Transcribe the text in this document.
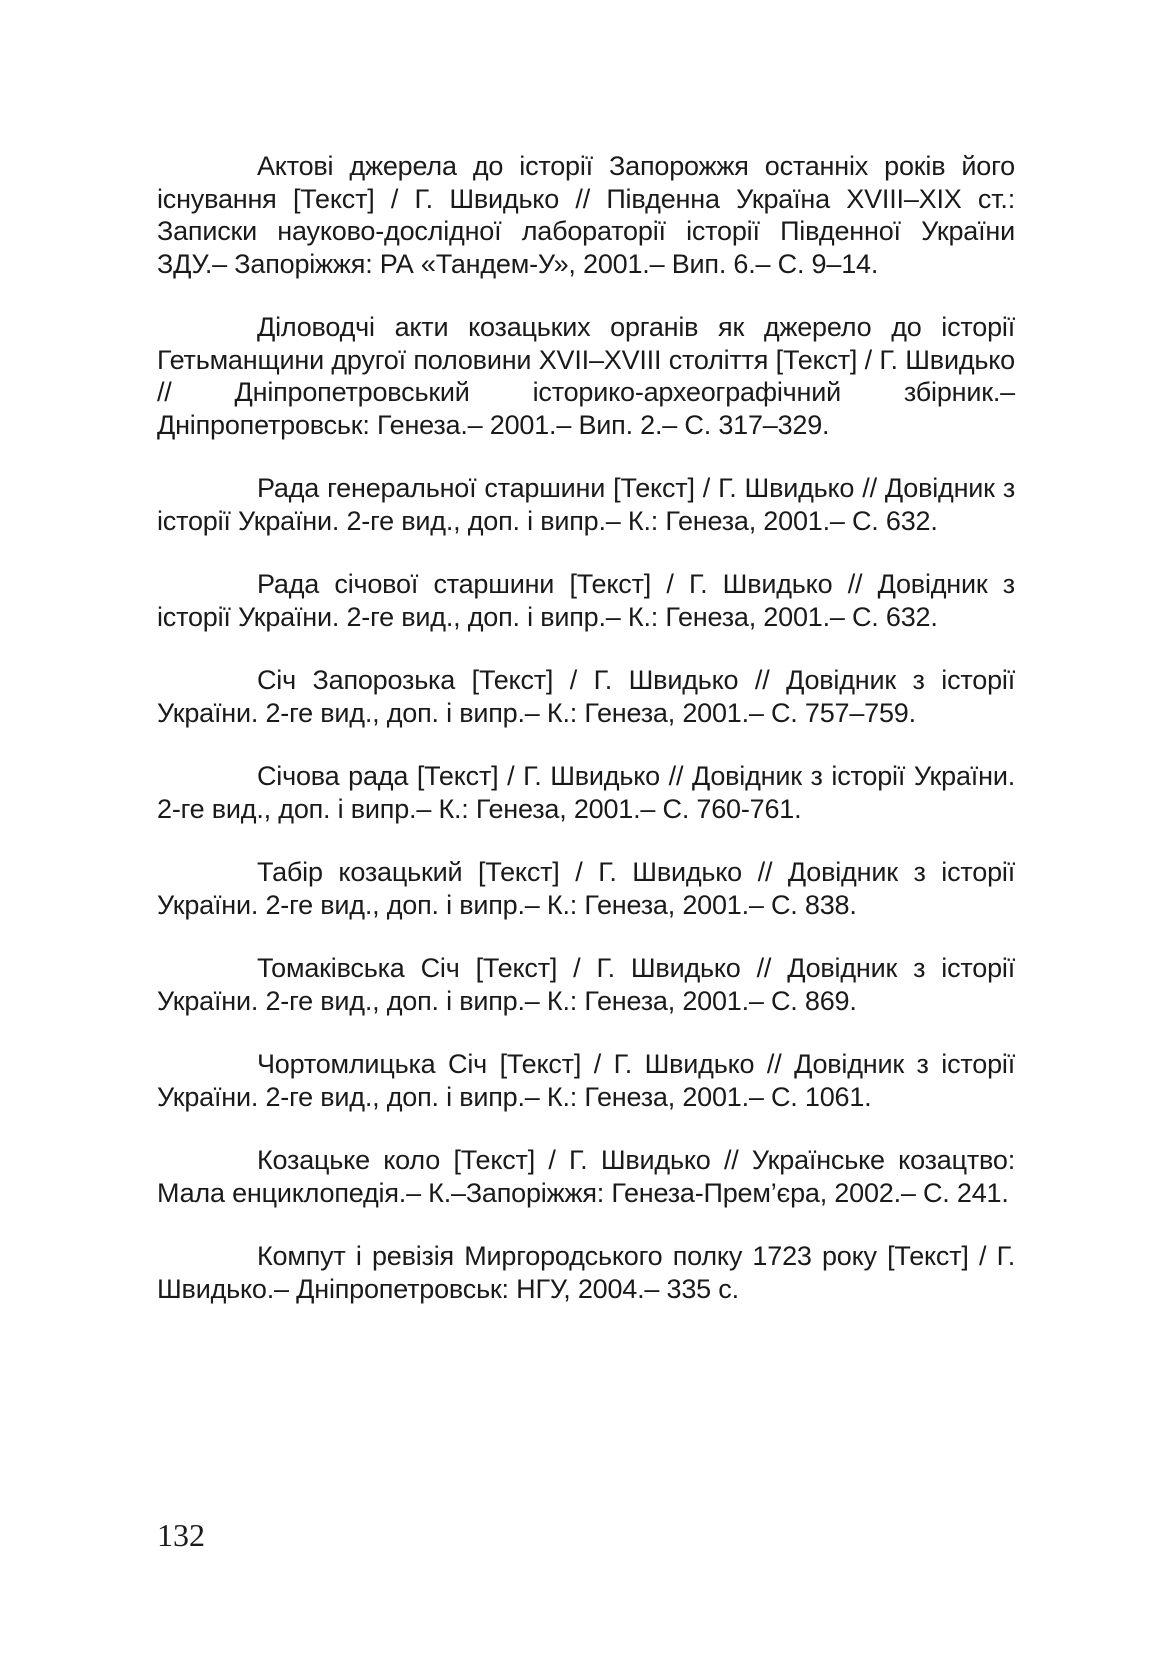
Актові джерела до історії Запорожжя останніх років його існування [Текст] / Г. Швидько // Південна Україна XVIII–XIX ст.: Записки науково-дослідної лабораторії історії Південної України ЗДУ.– Запоріжжя: РА «Тандем-У», 2001.– Вип. 6.– С. 9–14.

Діловодчі акти козацьких органів як джерело до історії Гетьманщини другої половини XVII–XVIII століття [Текст] / Г. Швидько // Дніпропетровський історико-археографічний збірник.– Дніпропетровськ: Генеза.– 2001.– Вип. 2.– С. 317–329.

Рада генеральної старшини [Текст] / Г. Швидько // Довідник з історії України. 2-ге вид., доп. і випр.– К.: Генеза, 2001.– С. 632.

Рада січової старшини [Текст] / Г. Швидько // Довідник з історії України. 2-ге вид., доп. і випр.– К.: Генеза, 2001.– С. 632.

Січ Запорозька [Текст] / Г. Швидько // Довідник з історії України. 2-ге вид., доп. і випр.– К.: Генеза, 2001.– С. 757–759.

Січова рада [Текст] / Г. Швидько // Довідник з історії України. 2-ге вид., доп. і випр.– К.: Генеза, 2001.– С. 760-761.

Табір козацький [Текст] / Г. Швидько // Довідник з історії України. 2-ге вид., доп. і випр.– К.: Генеза, 2001.– С. 838.

Томаківська Січ [Текст] / Г. Швидько // Довідник з історії України. 2-ге вид., доп. і випр.– К.: Генеза, 2001.– С. 869.

Чортомлицька Січ [Текст] / Г. Швидько // Довідник з історії України. 2-ге вид., доп. і випр.– К.: Генеза, 2001.– С. 1061.

Козацьке коло [Текст] / Г. Швидько // Українське козацтво: Мала енциклопедія.– К.–Запоріжжя: Генеза-Прем’єра, 2002.– С. 241.

Компут і ревізія Миргородського полку 1723 року [Текст] / Г. Швидько.– Дніпропетровськ: НГУ, 2004.– 335 с.

132
